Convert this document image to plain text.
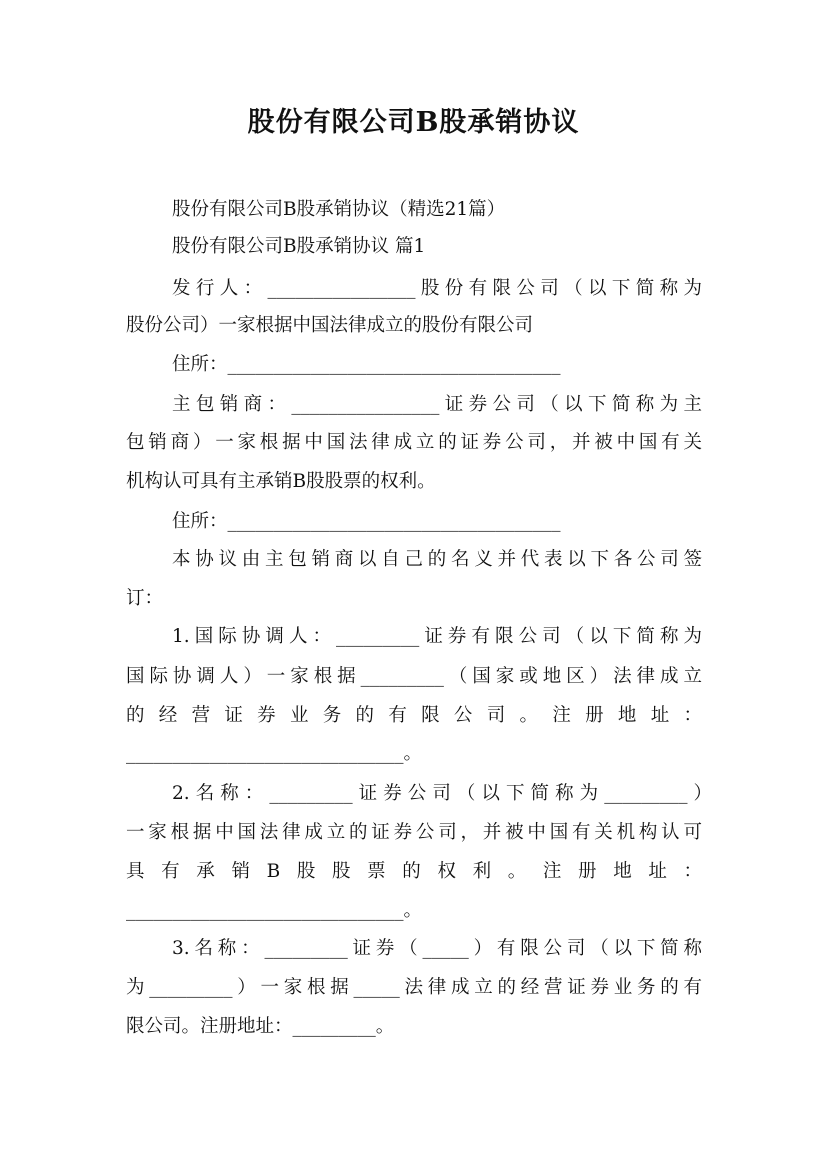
股份有限公司B股承销协议
股份有限公司B股承销协议（精选21篇）
股份有限公司B股承销协议 篇1
发行人：________________股份有限公司（以下简称为
股份公司）一家根据中国法律成立的股份有限公司
住所：____________________________________
主包销商：________________证券公司（以下简称为主
包销商）一家根据中国法律成立的证券公司，并被中国有关
机构认可具有主承销B股股票的权利。
住所：____________________________________
本协议由主包销商以自己的名义并代表以下各公司签
订：
1.国际协调人：_________证券有限公司（以下简称为
国际协调人）一家根据_________（国家或地区）法律成立
的经营证券业务的有限公司。注册地址：
______________________________。
2.名称：_________证券公司（以下简称为_________）
一家根据中国法律成立的证券公司，并被中国有关机构认可
具有承销B股股票的权利。注册地址：
______________________________。
3.名称：_________证券（_____）有限公司（以下简称
为_________）一家根据_____法律成立的经营证券业务的有
限公司。注册地址：_________。
